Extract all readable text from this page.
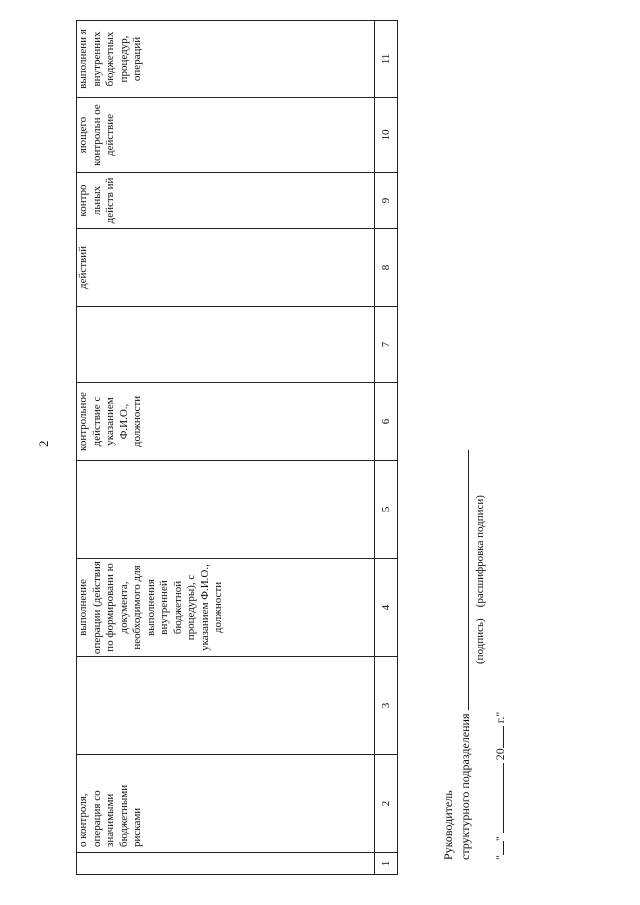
2
	о контроля, операция со значимыми бюджетными рисками		выполнение операции (действия по формировани ю документа, необходимого для выполнения внутренней бюджетной процедуры), с указанием Ф.И.О., должности		контрольное действие с указанием Ф.И.О., должности		действий	контро льных действ ий	яющего контрольн ое действие	выполнени я внутренних бюджетных процедур, операций
1	2	3	4	5	6	7	8	9	10	11
Руководитель структурного подразделения
(подпись)    (расшифровка подписи)
""  20 г."
